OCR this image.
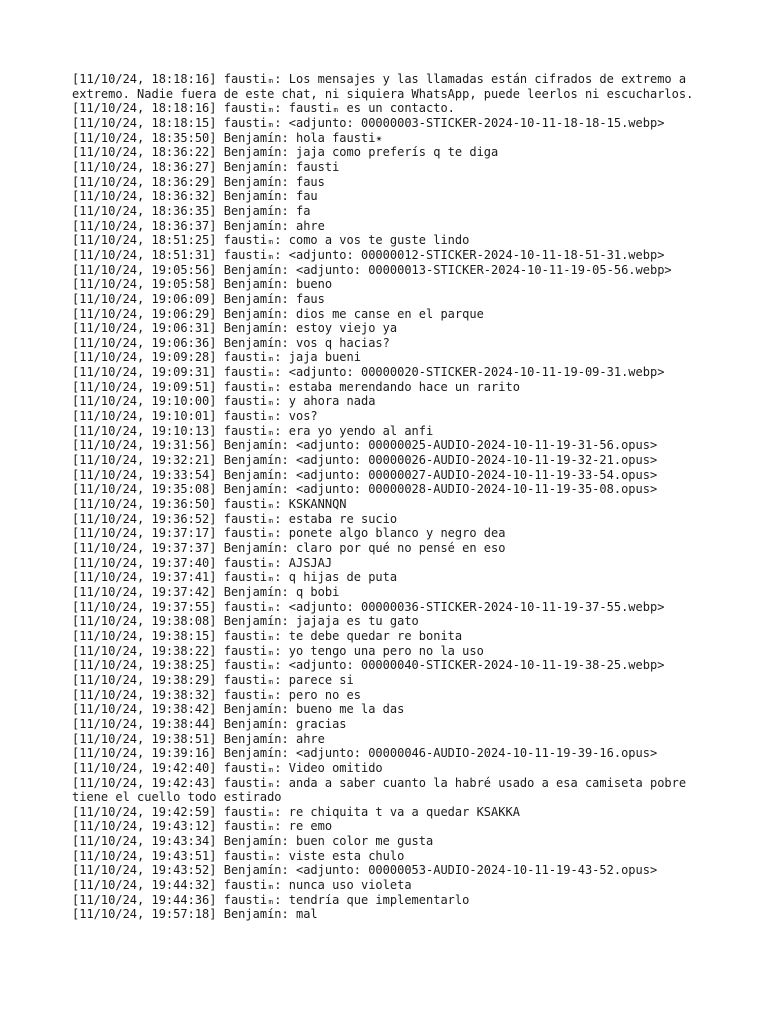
[11/10/24, 18:18:16] faustiₘ: Los mensajes y las llamadas están cifrados de extremo a extremo. Nadie fuera de este chat, ni siquiera WhatsApp, puede leerlos ni escucharlos.
[11/10/24, 18:18:16] faustiₘ: faustiₘ es un contacto.
[11/10/24, 18:18:15] faustiₘ: <adjunto: 00000003-STICKER-2024-10-11-18-18-15.webp>
[11/10/24, 18:35:50] Benjamín: hola fausti✴
[11/10/24, 18:36:22] Benjamín: jaja como preferís q te diga
[11/10/24, 18:36:27] Benjamín: fausti
[11/10/24, 18:36:29] Benjamín: faus
[11/10/24, 18:36:32] Benjamín: fau
[11/10/24, 18:36:35] Benjamín: fa
[11/10/24, 18:36:37] Benjamín: ahre
[11/10/24, 18:51:25] faustiₘ: como a vos te guste lindo
[11/10/24, 18:51:31] faustiₘ: <adjunto: 00000012-STICKER-2024-10-11-18-51-31.webp>
[11/10/24, 19:05:56] Benjamín: <adjunto: 00000013-STICKER-2024-10-11-19-05-56.webp>
[11/10/24, 19:05:58] Benjamín: bueno
[11/10/24, 19:06:09] Benjamín: faus
[11/10/24, 19:06:29] Benjamín: dios me canse en el parque
[11/10/24, 19:06:31] Benjamín: estoy viejo ya
[11/10/24, 19:06:36] Benjamín: vos q hacias?
[11/10/24, 19:09:28] faustiₘ: jaja bueni
[11/10/24, 19:09:31] faustiₘ: <adjunto: 00000020-STICKER-2024-10-11-19-09-31.webp>
[11/10/24, 19:09:51] faustiₘ: estaba merendando hace un rarito
[11/10/24, 19:10:00] faustiₘ: y ahora nada
[11/10/24, 19:10:01] faustiₘ: vos?
[11/10/24, 19:10:13] faustiₘ: era yo yendo al anfi
[11/10/24, 19:31:56] Benjamín: <adjunto: 00000025-AUDIO-2024-10-11-19-31-56.opus>
[11/10/24, 19:32:21] Benjamín: <adjunto: 00000026-AUDIO-2024-10-11-19-32-21.opus>
[11/10/24, 19:33:54] Benjamín: <adjunto: 00000027-AUDIO-2024-10-11-19-33-54.opus>
[11/10/24, 19:35:08] Benjamín: <adjunto: 00000028-AUDIO-2024-10-11-19-35-08.opus>
[11/10/24, 19:36:50] faustiₘ: KSKANNQN
[11/10/24, 19:36:52] faustiₘ: estaba re sucio
[11/10/24, 19:37:17] faustiₘ: ponete algo blanco y negro dea
[11/10/24, 19:37:37] Benjamín: claro por qué no pensé en eso
[11/10/24, 19:37:40] faustiₘ: AJSJAJ
[11/10/24, 19:37:41] faustiₘ: q hijas de puta
[11/10/24, 19:37:42] Benjamín: q bobi
[11/10/24, 19:37:55] faustiₘ: <adjunto: 00000036-STICKER-2024-10-11-19-37-55.webp>
[11/10/24, 19:38:08] Benjamín: jajaja es tu gato
[11/10/24, 19:38:15] faustiₘ: te debe quedar re bonita
[11/10/24, 19:38:22] faustiₘ: yo tengo una pero no la uso
[11/10/24, 19:38:25] faustiₘ: <adjunto: 00000040-STICKER-2024-10-11-19-38-25.webp>
[11/10/24, 19:38:29] faustiₘ: parece si
[11/10/24, 19:38:32] faustiₘ: pero no es
[11/10/24, 19:38:42] Benjamín: bueno me la das
[11/10/24, 19:38:44] Benjamín: gracias
[11/10/24, 19:38:51] Benjamín: ahre
[11/10/24, 19:39:16] Benjamín: <adjunto: 00000046-AUDIO-2024-10-11-19-39-16.opus>
[11/10/24, 19:42:40] faustiₘ: Video omitido
[11/10/24, 19:42:43] faustiₘ: anda a saber cuanto la habré usado a esa camiseta pobre tiene el cuello todo estirado
[11/10/24, 19:42:59] faustiₘ: re chiquita t va a quedar KSAKKA
[11/10/24, 19:43:12] faustiₘ: re emo
[11/10/24, 19:43:34] Benjamín: buen color me gusta
[11/10/24, 19:43:51] faustiₘ: viste esta chulo
[11/10/24, 19:43:52] Benjamín: <adjunto: 00000053-AUDIO-2024-10-11-19-43-52.opus>
[11/10/24, 19:44:32] faustiₘ: nunca uso violeta
[11/10/24, 19:44:36] faustiₘ: tendría que implementarlo
[11/10/24, 19:57:18] Benjamín: mal
